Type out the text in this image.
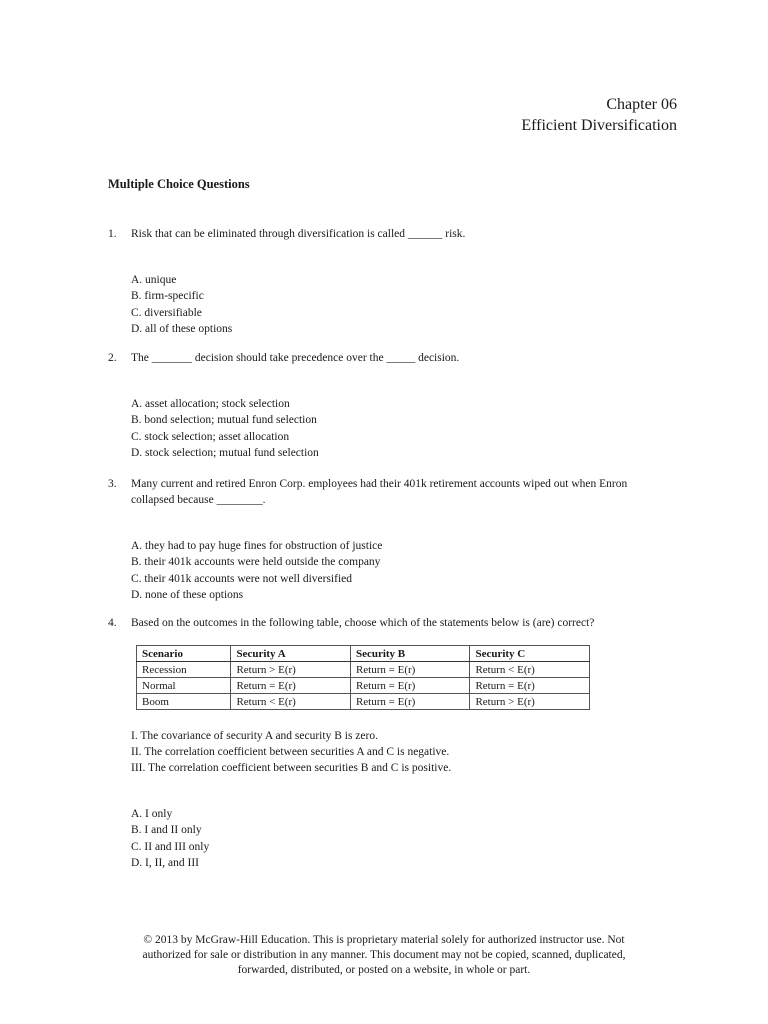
Chapter 06
Efficient Diversification
Multiple Choice Questions
1. Risk that can be eliminated through diversification is called ______ risk.
A. unique
B. firm-specific
C. diversifiable
D. all of these options
2. The _______ decision should take precedence over the _____ decision.
A. asset allocation; stock selection
B. bond selection; mutual fund selection
C. stock selection; asset allocation
D. stock selection; mutual fund selection
3. Many current and retired Enron Corp. employees had their 401k retirement accounts wiped out when Enron
collapsed because ________.
A. they had to pay huge fines for obstruction of justice
B. their 401k accounts were held outside the company
C. their 401k accounts were not well diversified
D. none of these options
4. Based on the outcomes in the following table, choose which of the statements below is (are) correct?
Scenario	Security A	Security B	Security C
Recession	Return > E(r)	Return = E(r)	Return < E(r)
Normal	Return = E(r)	Return = E(r)	Return = E(r)
Boom	Return < E(r)	Return = E(r)	Return > E(r)
I. The covariance of security A and security B is zero.
II. The correlation coefficient between securities A and C is negative.
III. The correlation coefficient between securities B and C is positive.
A. I only
B. I and II only
C. II and III only
D. I, II, and III
© 2013 by McGraw-Hill Education. This is proprietary material solely for authorized instructor use. Not
authorized for sale or distribution in any manner. This document may not be copied, scanned, duplicated,
forwarded, distributed, or posted on a website, in whole or part.
